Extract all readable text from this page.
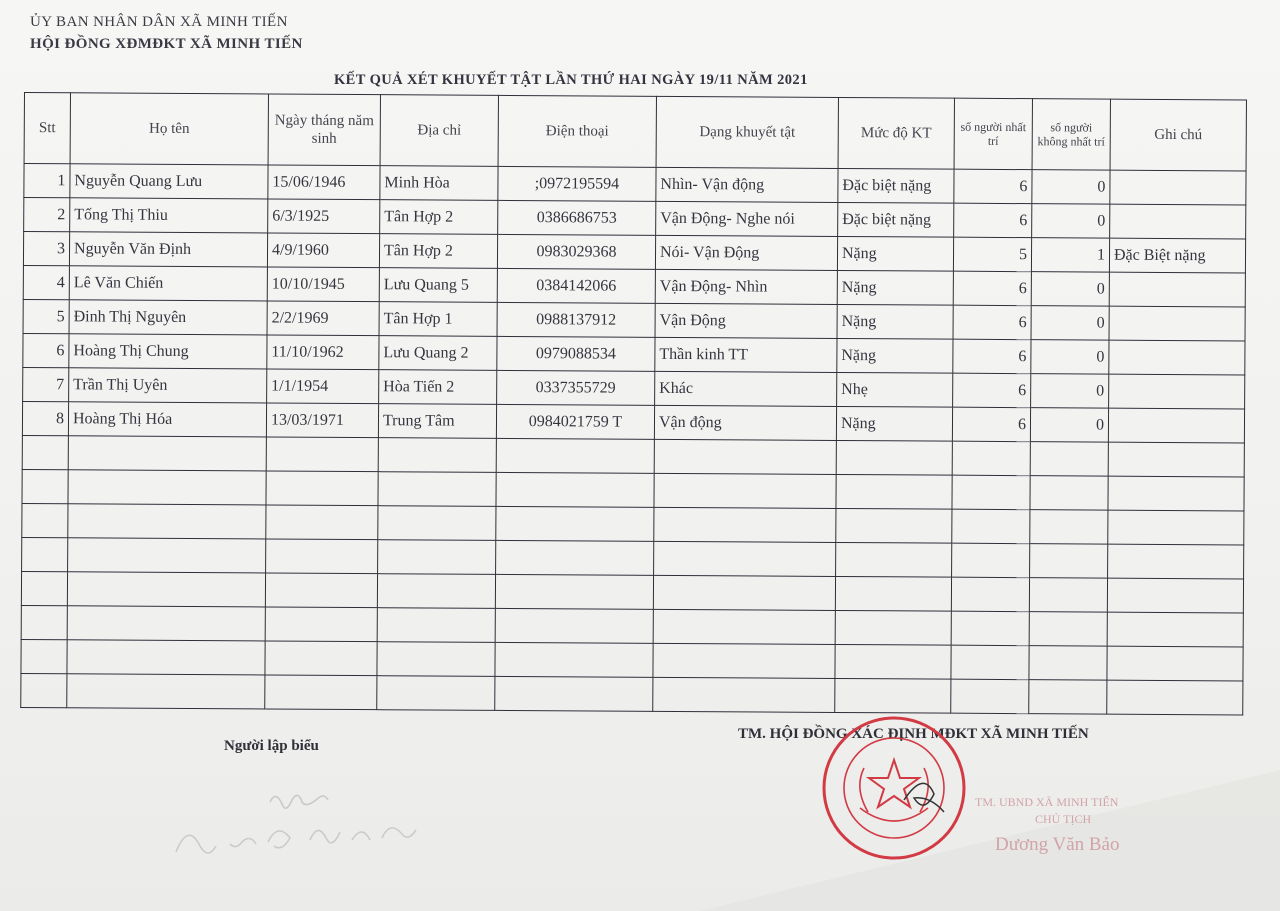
ỦY BAN NHÂN DÂN XÃ MINH TIẾN
HỘI ĐỒNG XĐMĐKT XÃ MINH TIẾN
KẾT QUẢ XÉT KHUYẾT TẬT LẦN THỨ HAI NGÀY 19/11 NĂM 2021
Stt	Họ tên	Ngày tháng năm sinh	Địa chỉ	Điện thoại	Dạng khuyết tật	Mức độ KT	số người nhất trí	số người không nhất trí	Ghi chú
1	Nguyễn Quang Lưu	15/06/1946	Minh Hòa	;0972195594	Nhìn- Vận động	Đặc biệt nặng	6	0	
2	Tống Thị Thiu	6/3/1925	Tân Hợp 2	0386686753	Vận Động- Nghe nói	Đặc biệt nặng	6	0	
3	Nguyễn Văn Định	4/9/1960	Tân Hợp 2	0983029368	Nói- Vận Động	Nặng	5	1	Đặc Biệt nặng
4	Lê Văn Chiến	10/10/1945	Lưu Quang 5	0384142066	Vận Động- Nhìn	Nặng	6	0	
5	Đinh Thị Nguyên	2/2/1969	Tân Hợp 1	0988137912	Vận Động	Nặng	6	0	
6	Hoàng Thị Chung	11/10/1962	Lưu Quang 2	0979088534	Thần kinh TT	Nặng	6	0	
7	Trần Thị Uyên	1/1/1954	Hòa Tiến 2	0337355729	Khác	Nhẹ	6	0	
8	Hoàng Thị Hóa	13/03/1971	Trung Tâm	0984021759 T	Vận động	Nặng	6	0	

Người lập biểu
TM. HỘI ĐỒNG XÁC ĐỊNH MĐKT XÃ MINH TIẾN
TM. UBND XÃ MINH TIẾN
CHỦ TỊCH
Dương Văn Bảo
